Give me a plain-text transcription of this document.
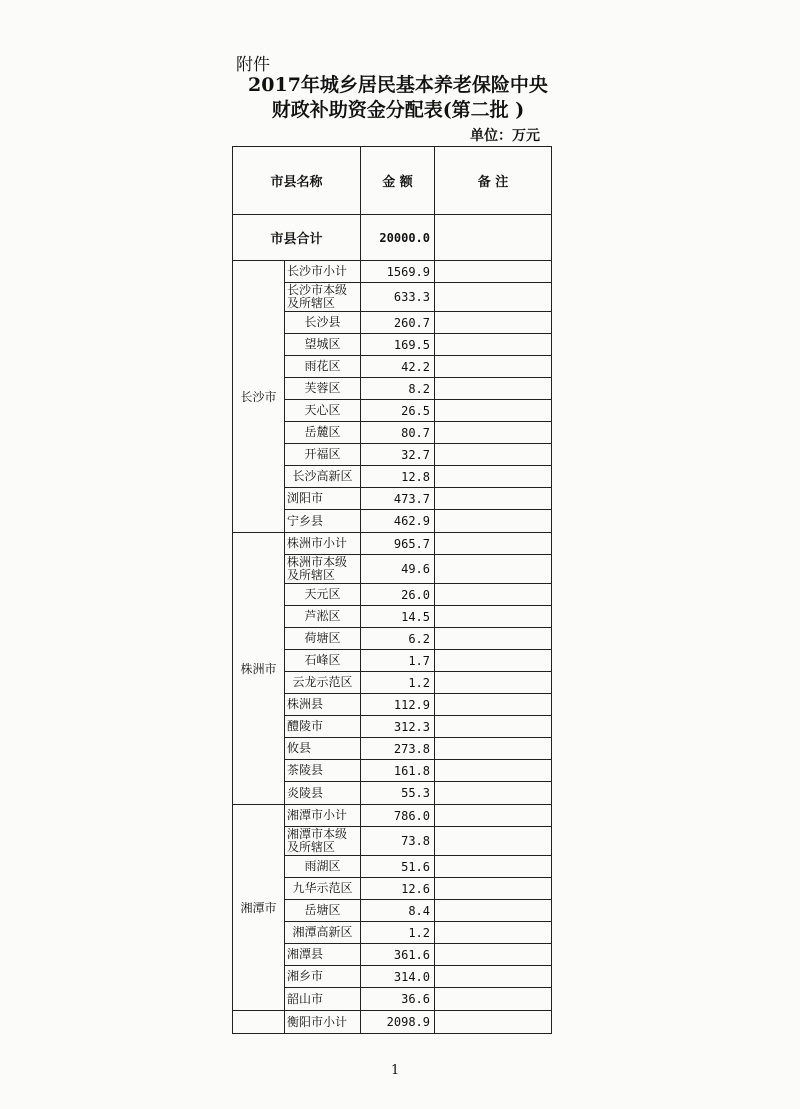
附件
2017年城乡居民基本养老保险中央
财政补助资金分配表(第二批 )
单位：万元
市县名称	金 额	备 注
市县合计	20000.0
长沙市
长沙市小计	1569.9
长沙市本级及所辖区	633.3
长沙县	260.7
望城区	169.5
雨花区	42.2
芙蓉区	8.2
天心区	26.5
岳麓区	80.7
开福区	32.7
长沙高新区	12.8
浏阳市	473.7
宁乡县	462.9
株洲市
株洲市小计	965.7
株洲市本级及所辖区	49.6
天元区	26.0
芦淞区	14.5
荷塘区	6.2
石峰区	1.7
云龙示范区	1.2
株洲县	112.9
醴陵市	312.3
攸县	273.8
茶陵县	161.8
炎陵县	55.3
湘潭市
湘潭市小计	786.0
湘潭市本级及所辖区	73.8
雨湖区	51.6
九华示范区	12.6
岳塘区	8.4
湘潭高新区	1.2
湘潭县	361.6
湘乡市	314.0
韶山市	36.6
衡阳市小计	2098.9
1
